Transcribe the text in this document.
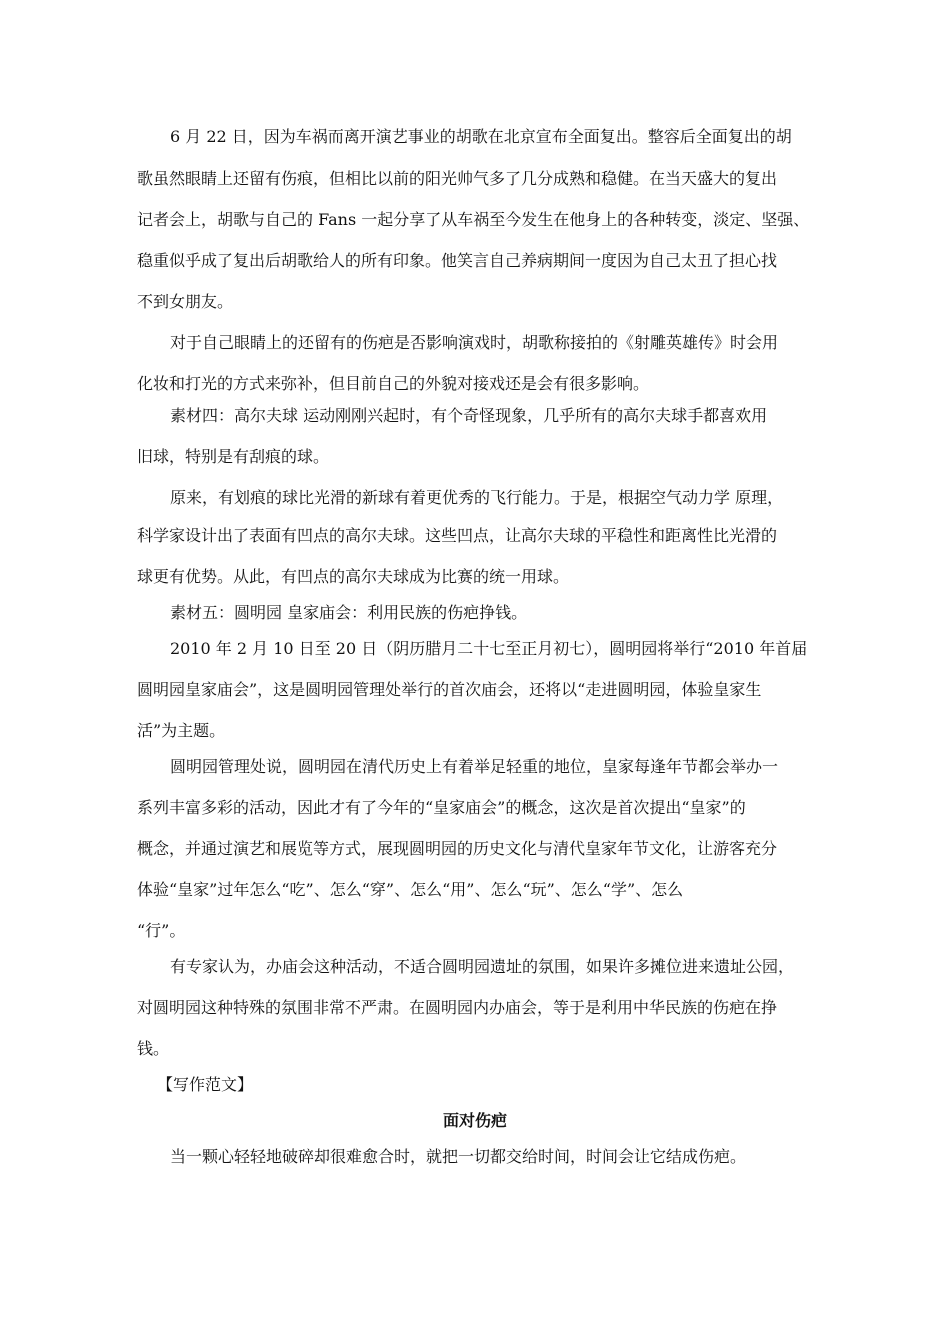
6 月 22 日，因为车祸而离开演艺事业的胡歌在北京宣布全面复出。整容后全面复出的胡
歌虽然眼睛上还留有伤痕，但相比以前的阳光帅气多了几分成熟和稳健。在当天盛大的复出
记者会上，胡歌与自己的 Fans 一起分享了从车祸至今发生在他身上的各种转变，淡定、坚强、
稳重似乎成了复出后胡歌给人的所有印象。他笑言自己养病期间一度因为自己太丑了担心找
不到女朋友。
对于自己眼睛上的还留有的伤疤是否影响演戏时，胡歌称接拍的《射雕英雄传》时会用
化妆和打光的方式来弥补，但目前自己的外貌对接戏还是会有很多影响。
素材四：高尔夫球 运动刚刚兴起时，有个奇怪现象，几乎所有的高尔夫球手都喜欢用
旧球，特别是有刮痕的球。
原来，有划痕的球比光滑的新球有着更优秀的飞行能力。于是，根据空气动力学 原理，
科学家设计出了表面有凹点的高尔夫球。这些凹点，让高尔夫球的平稳性和距离性比光滑的
球更有优势。从此，有凹点的高尔夫球成为比赛的统一用球。
素材五：圆明园 皇家庙会：利用民族的伤疤挣钱。
2010 年 2 月 10 日至 20 日（阴历腊月二十七至正月初七），圆明园将举行“2010 年首届
圆明园皇家庙会”，这是圆明园管理处举行的首次庙会，还将以“走进圆明园，体验皇家生
活”为主题。
圆明园管理处说，圆明园在清代历史上有着举足轻重的地位，皇家每逢年节都会举办一
系列丰富多彩的活动，因此才有了今年的“皇家庙会”的概念，这次是首次提出“皇家”的
概念，并通过演艺和展览等方式，展现圆明园的历史文化与清代皇家年节文化，让游客充分
体验“皇家”过年怎么“吃”、怎么“穿”、怎么“用”、怎么“玩”、怎么“学”、怎么
“行”。
有专家认为，办庙会这种活动，不适合圆明园遗址的氛围，如果许多摊位进来遗址公园，
对圆明园这种特殊的氛围非常不严肃。在圆明园内办庙会，等于是利用中华民族的伤疤在挣
钱。
【写作范文】
面对伤疤
当一颗心轻轻地破碎却很难愈合时，就把一切都交给时间，时间会让它结成伤疤。
